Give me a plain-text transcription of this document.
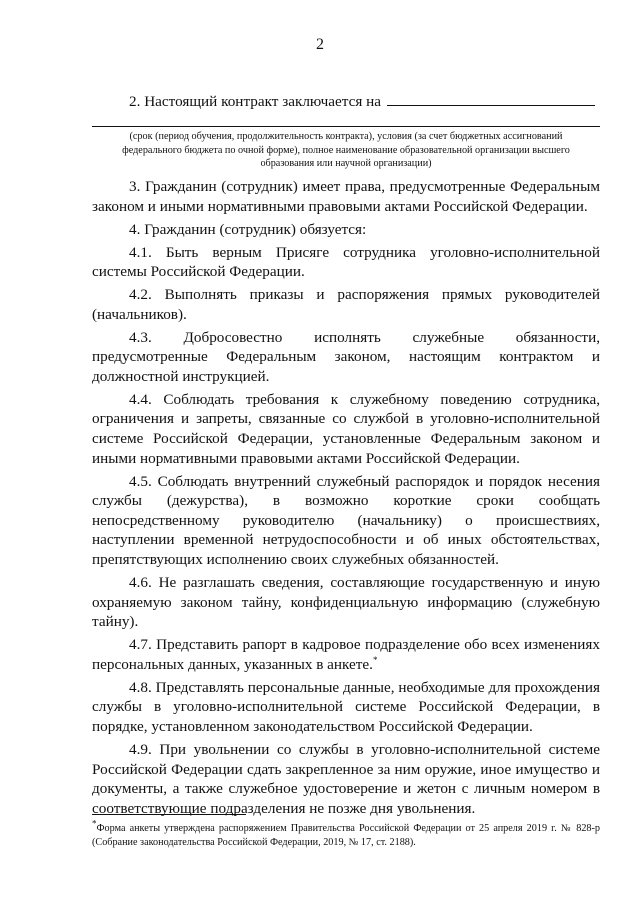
2
2. Настоящий контракт заключается на
(срок (период обучения, продолжительность контракта), условия (за счет бюджетных ассигнований федерального бюджета по очной форме), полное наименование образовательной организации высшего образования или научной организации)

3. Гражданин (сотрудник) имеет права, предусмотренные Федеральным законом и иными нормативными правовыми актами Российской Федерации.

4. Гражданин (сотрудник) обязуется:

4.1. Быть верным Присяге сотрудника уголовно-исполнительной системы Российской Федерации.

4.2. Выполнять приказы и распоряжения прямых руководителей (начальников).

4.3. Добросовестно исполнять служебные обязанности, предусмотренные Федеральным законом, настоящим контрактом и должностной инструкцией.

4.4. Соблюдать требования к служебному поведению сотрудника, ограничения и запреты, связанные со службой в уголовно-исполнительной системе Российской Федерации, установленные Федеральным законом и иными нормативными правовыми актами Российской Федерации.

4.5. Соблюдать внутренний служебный распорядок и порядок несения службы (дежурства), в возможно короткие сроки сообщать непосредственному руководителю (начальнику) о происшествиях, наступлении временной нетрудоспособности и об иных обстоятельствах, препятствующих исполнению своих служебных обязанностей.

4.6. Не разглашать сведения, составляющие государственную и иную охраняемую законом тайну, конфиденциальную информацию (служебную тайну).

4.7. Представить рапорт в кадровое подразделение обо всех изменениях персональных данных, указанных в анкете.*

4.8. Представлять персональные данные, необходимые для прохождения службы в уголовно-исполнительной системе Российской Федерации, в порядке, установленном законодательством Российской Федерации.

4.9. При увольнении со службы в уголовно-исполнительной системе Российской Федерации сдать закрепленное за ним оружие, иное имущество и документы, а также служебное удостоверение и жетон с личным номером в соответствующие подразделения не позже дня увольнения.

*Форма анкеты утверждена распоряжением Правительства Российской Федерации от 25 апреля 2019 г. № 828-р (Собрание законодательства Российской Федерации, 2019, № 17, ст. 2188).
